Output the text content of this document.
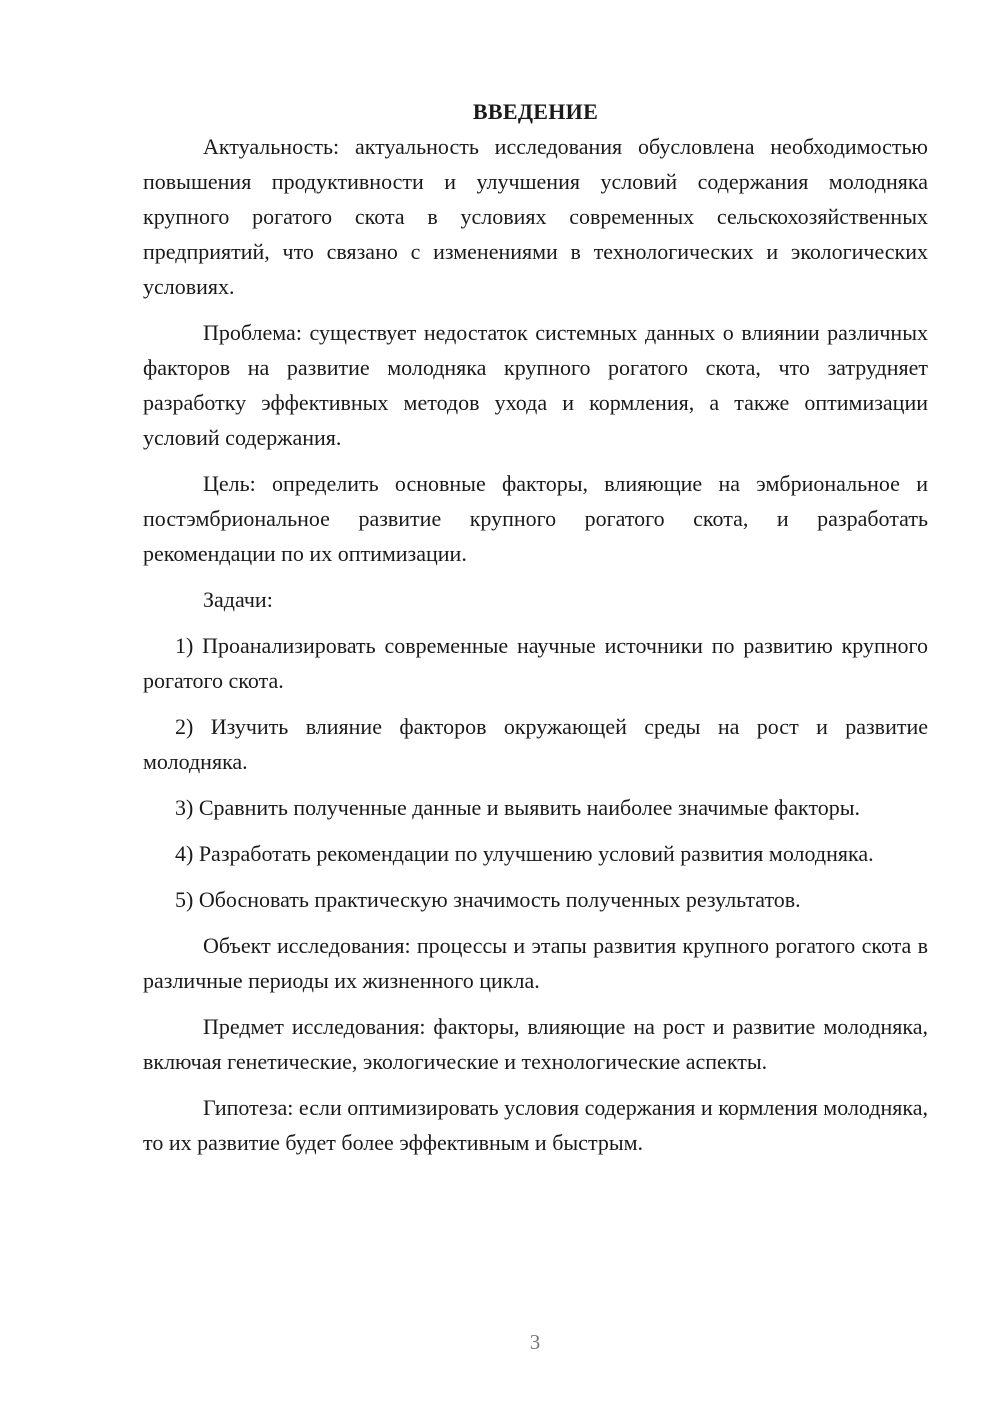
ВВЕДЕНИЕ

Актуальность: актуальность исследования обусловлена необходимостью повышения продуктивности и улучшения условий содержания молодняка крупного рогатого скота в условиях современных сельскохозяйственных предприятий, что связано с изменениями в технологических и экологических условиях.

Проблема: существует недостаток системных данных о влиянии различных факторов на развитие молодняка крупного рогатого скота, что затрудняет разработку эффективных методов ухода и кормления, а также оптимизации условий содержания.

Цель: определить основные факторы, влияющие на эмбриональное и постэмбриональное развитие крупного рогатого скота, и разработать рекомендации по их оптимизации.

Задачи:

1) Проанализировать современные научные источники по развитию крупного рогатого скота.

2) Изучить влияние факторов окружающей среды на рост и развитие молодняка.

3) Сравнить полученные данные и выявить наиболее значимые факторы.

4) Разработать рекомендации по улучшению условий развития молодняка.

5) Обосновать практическую значимость полученных результатов.

Объект исследования: процессы и этапы развития крупного рогатого скота в различные периоды их жизненного цикла.

Предмет исследования: факторы, влияющие на рост и развитие молодняка, включая генетические, экологические и технологические аспекты.

Гипотеза: если оптимизировать условия содержания и кормления молодняка, то их развитие будет более эффективным и быстрым.

3
